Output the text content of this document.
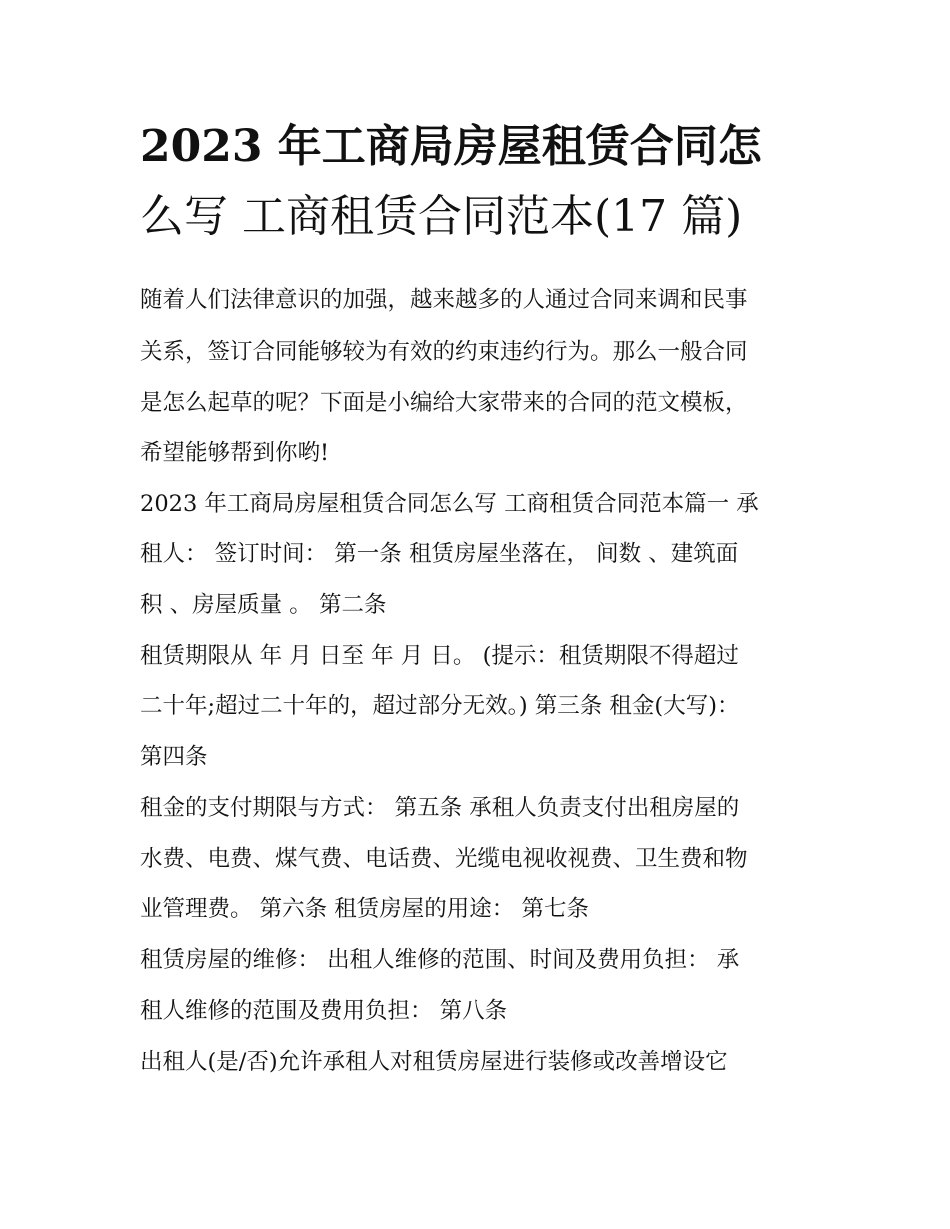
2023 年工商局房屋租赁合同怎
么写 工商租赁合同范本(17 篇)

随着人们法律意识的加强，越来越多的人通过合同来调和民事

关系，签订合同能够较为有效的约束违约行为。那么一般合同

是怎么起草的呢？下面是小编给大家带来的合同的范文模板，

希望能够帮到你哟!

2023 年工商局房屋租赁合同怎么写 工商租赁合同范本篇一 承

租人： 签订时间： 第一条 租赁房屋坐落在， 间数 、建筑面

积 、房屋质量 。 第二条

租赁期限从 年 月 日至 年 月 日。 (提示：租赁期限不得超过

二十年;超过二十年的，超过部分无效。) 第三条 租金(大写)：

第四条

租金的支付期限与方式： 第五条 承租人负责支付出租房屋的

水费、电费、煤气费、电话费、光缆电视收视费、卫生费和物

业管理费。 第六条 租赁房屋的用途： 第七条

租赁房屋的维修： 出租人维修的范围、时间及费用负担： 承

租人维修的范围及费用负担： 第八条

出租人(是/否)允许承租人对租赁房屋进行装修或改善增设它
